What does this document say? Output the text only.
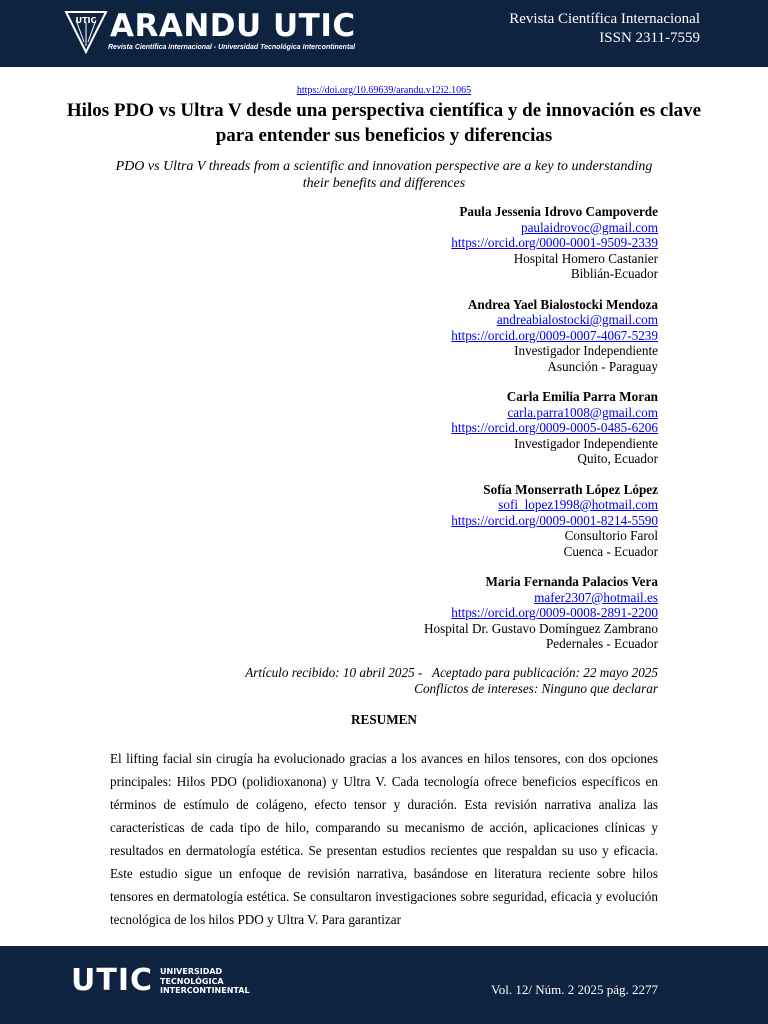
UTIC ARANDU UTIC
Revista Científica Internacional - Universidad Tecnológica Intercontinental
Revista Científica Internacional
ISSN 2311-7559
https://doi.org/10.69639/arandu.v12i2.1065
Hilos PDO vs Ultra V desde una perspectiva científica y de innovación es clave para entender sus beneficios y diferencias
PDO vs Ultra V threads from a scientific and innovation perspective are a key to understanding
their benefits and differences
Paula Jessenia Idrovo Campoverde
paulaidrovoc@gmail.com
https://orcid.org/0000-0001-9509-2339
Hospital Homero Castanier
Biblián-Ecuador
Andrea Yael Bialostocki Mendoza
andreabialostocki@gmail.com
https://orcid.org/0009-0007-4067-5239
Investigador Independiente
Asunción - Paraguay
Carla Emilia Parra Moran
carla.parra1008@gmail.com
https://orcid.org/0009-0005-0485-6206
Investigador Independiente
Quito, Ecuador
Sofía Monserrath López López
sofi_lopez1998@hotmail.com
https://orcid.org/0009-0001-8214-5590
Consultorio Farol
Cuenca - Ecuador
Maria Fernanda Palacios Vera
mafer2307@hotmail.es
https://orcid.org/0009-0008-2891-2200
Hospital Dr. Gustavo Domínguez Zambrano
Pedernales - Ecuador
Artículo recibido: 10 abril 2025 - Aceptado para publicación: 22 mayo 2025
Conflictos de intereses: Ninguno que declarar
RESUMEN

El lifting facial sin cirugía ha evolucionado gracias a los avances en hilos tensores, con dos opciones principales: Hilos PDO (polidioxanona) y Ultra V. Cada tecnología ofrece beneficios específicos en términos de estímulo de colágeno, efecto tensor y duración. Esta revisión narrativa analiza las características de cada tipo de hilo, comparando su mecanismo de acción, aplicaciones clínicas y resultados en dermatología estética. Se presentan estudios recientes que respaldan su uso y eficacia. Este estudio sigue un enfoque de revisión narrativa, basándose en literatura reciente sobre hilos tensores en dermatología estética. Se consultaron investigaciones sobre seguridad, eficacia y evolución tecnológica de los hilos PDO y Ultra V. Para garantizar

UTIC UNIVERSIDAD
TECNOLÓGICA
INTERCONTINENTAL	Vol. 12/ Núm. 2 2025 pág. 2277
